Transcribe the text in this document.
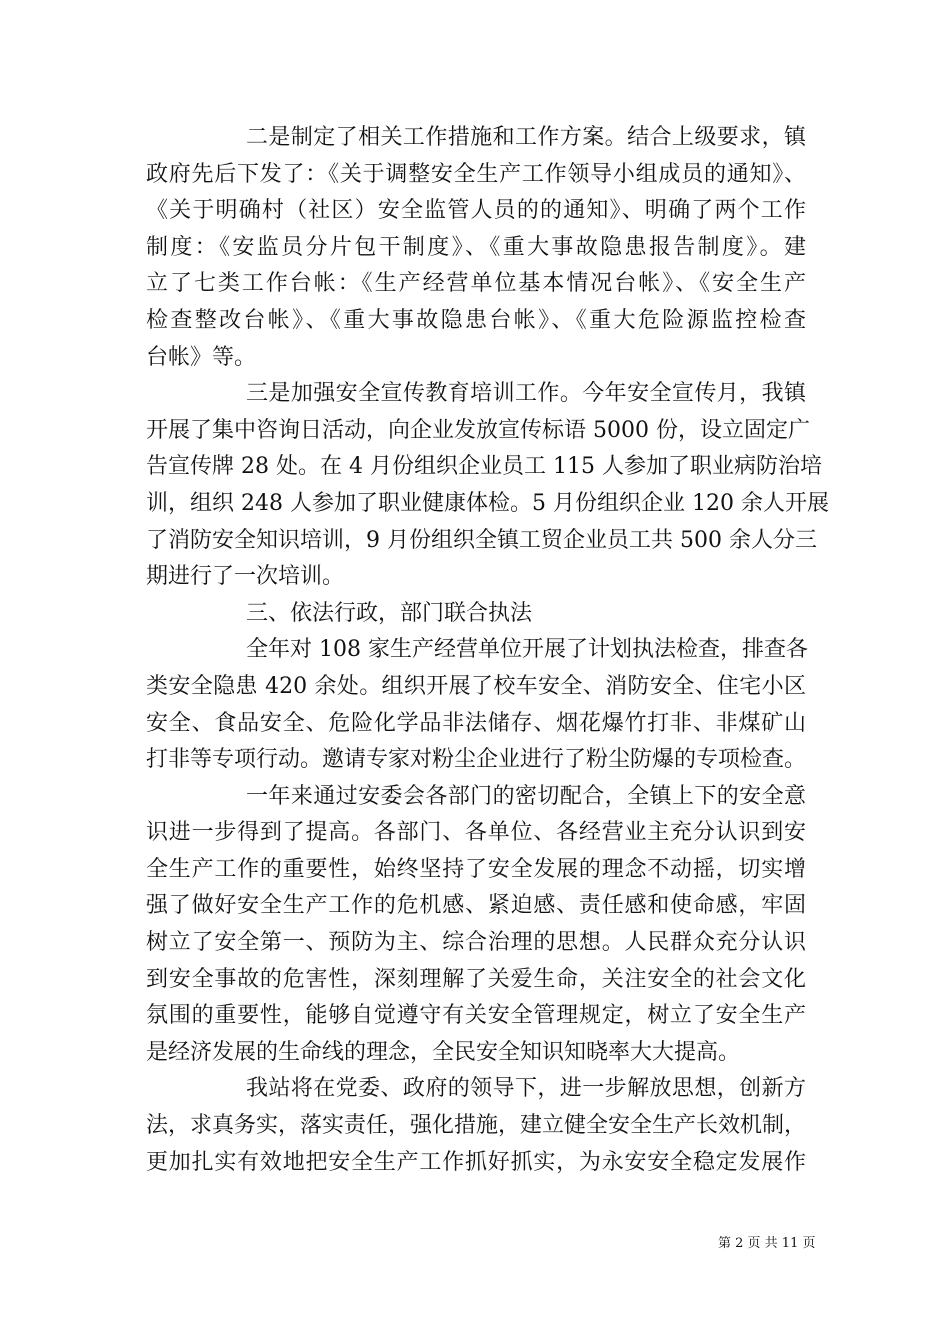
二是制定了相关工作措施和工作方案。结合上级要求，镇
政府先后下发了：《关于调整安全生产工作领导小组成员的通知》、
《关于明确村（社区）安全监管人员的的通知》、明确了两个工作
制度：《安监员分片包干制度》、《重大事故隐患报告制度》。建
立了七类工作台帐：《生产经营单位基本情况台帐》、《安全生产
检查整改台帐》、《重大事故隐患台帐》、《重大危险源监控检查
台帐》等。
三是加强安全宣传教育培训工作。今年安全宣传月，我镇
开展了集中咨询日活动，向企业发放宣传标语 5000 份，设立固定广
告宣传牌 28 处。在 4 月份组织企业员工 115 人参加了职业病防治培
训，组织 248 人参加了职业健康体检。5 月份组织企业 120 余人开展
了消防安全知识培训，9 月份组织全镇工贸企业员工共 500 余人分三
期进行了一次培训。
三、依法行政，部门联合执法
全年对 108 家生产经营单位开展了计划执法检查，排查各
类安全隐患 420 余处。组织开展了校车安全、消防安全、住宅小区
安全、食品安全、危险化学品非法储存、烟花爆竹打非、非煤矿山
打非等专项行动。邀请专家对粉尘企业进行了粉尘防爆的专项检查。
一年来通过安委会各部门的密切配合，全镇上下的安全意
识进一步得到了提高。各部门、各单位、各经营业主充分认识到安
全生产工作的重要性，始终坚持了安全发展的理念不动摇，切实增
强了做好安全生产工作的危机感、紧迫感、责任感和使命感，牢固
树立了安全第一、预防为主、综合治理的思想。人民群众充分认识
到安全事故的危害性，深刻理解了关爱生命，关注安全的社会文化
氛围的重要性，能够自觉遵守有关安全管理规定，树立了安全生产
是经济发展的生命线的理念，全民安全知识知晓率大大提高。
我站将在党委、政府的领导下，进一步解放思想，创新方
法，求真务实，落实责任，强化措施，建立健全安全生产长效机制，
更加扎实有效地把安全生产工作抓好抓实，为永安安全稳定发展作
第 2 页 共 11 页
